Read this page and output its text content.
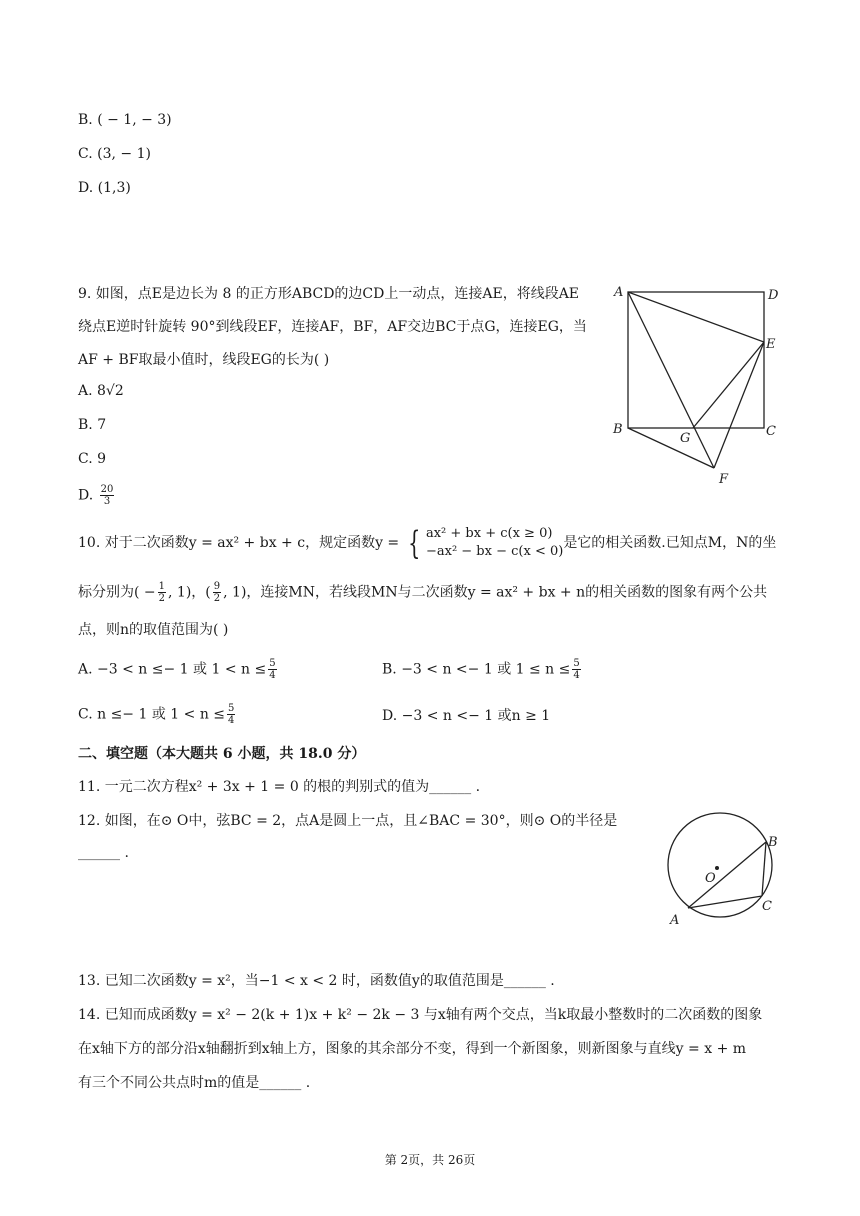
B. ( − 1, − 3)
C. (3, − 1)
D. (1,3)
9. 如图，点E是边长为 8 的正方形ABCD的边CD上一动点，连接AE，将线段AE
绕点E逆时针旋转 90°到线段EF，连接AF，BF，AF交边BC于点G，连接EG，当
AF + BF取最小值时，线段EG的长为( )
A. 8√2
B. 7
C. 9
D. $\frac{20}{3}$
A	D
E
B	C
G
F
10. 对于二次函数y = ax² + bx + c，规定函数y = { ax² + bx + c(x ≥ 0)
−ax² − bx − c(x < 0)是它的相关函数.已知点M，N的坐
标分别为( − $\frac{1}{2}$ , 1)，( $\frac{9}{2}$ , 1)，连接MN，若线段MN与二次函数y = ax² + bx + n的相关函数的图象有两个公共
点，则n的取值范围为( )
A. −3 < n ≤− 1 或 $1 < n \le \frac{5}{4}$	B. −3 < n <− 1 或 $1 \le n \le \frac{5}{4}$
C. n ≤− 1 或 $1 < n \le \frac{5}{4}$	D. −3 < n <− 1 或n ≥ 1
二、填空题（本大题共 6 小题，共 18.0 分）
11. 一元二次方程x² + 3x + 1 = 0 的根的判别式的值为______ .
12. 如图，在⊙ O中，弦BC = 2，点A是圆上一点，且∠BAC = 30°，则⊙ O的半径是
______ .
O
A
B
C
13. 已知二次函数y = x²，当−1 < x < 2 时，函数值y的取值范围是______ .
14. 已知而成函数y = x² − 2(k + 1)x + k² − 2k − 3 与x轴有两个交点，当k取最小整数时的二次函数的图象
在x轴下方的部分沿x轴翻折到x轴上方，图象的其余部分不变，得到一个新图象，则新图象与直线y = x + m
有三个不同公共点时m的值是______ .
第 2页，共 26页
